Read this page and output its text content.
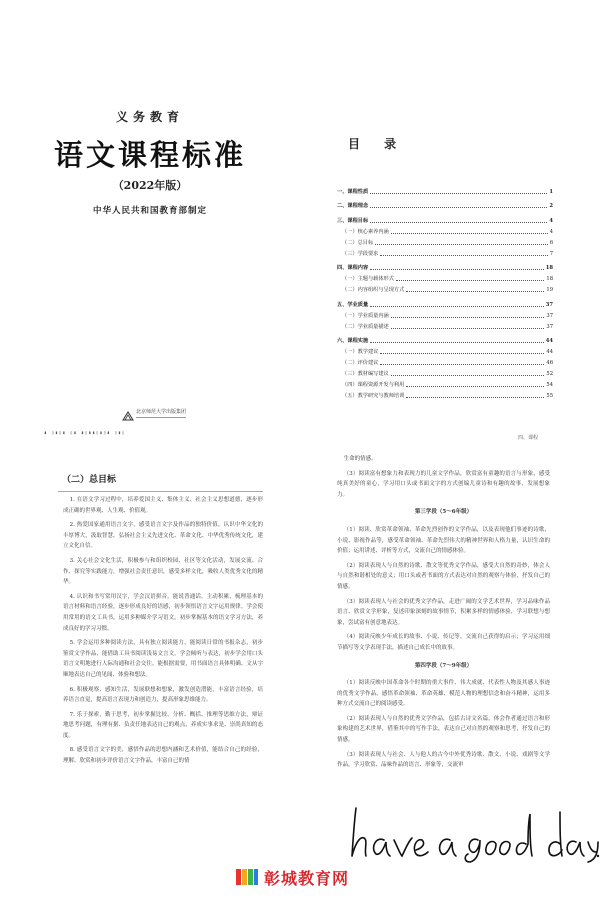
义务教育
语文课程标准
（2022年版）
中华人民共和国教育部制定
北京师范大学出版集团
▮ ▯▮▯▮ ▯▮ ▮▯▮▮▯▮▯▮ ▯▮▯
目 录
一、课程性质	1
二、课程理念	2
三、课程目标	4
（一）核心素养内涵	4
（二）总目标	6
（三）学段要求	7
四、课程内容	18
（一）主题与载体形式	18
（二）内容组织与呈现方式	19
五、学业质量	37
（一）学业质量内涵	37
（二）学业质量描述	37
六、课程实施	44
（一）教学建议	44
（二）评价建议	46
（三）教材编写建议	52
（四）课程资源开发与利用	54
（五）教学研究与教师培训	55
四、课程
（二）总目标

1. 在语文学习过程中，培养爱国主义、集体主义、社会主义思想道德，逐步形成正确的世界观、人生观、价值观。

2. 热爱国家通用语言文字，感受语言文字及作品的独特价值，认识中华文化的丰厚博大，汲取智慧，弘扬社会主义先进文化、革命文化、中华优秀传统文化，建立文化自信。

3. 关心社会文化生活，积极参与和组织校园、社区等文化活动，发展交流、合作、探究等实践能力，增强社会责任意识，感受多样文化，吸收人类优秀文化的精华。

4. 认识和书写常用汉字，学会汉语拼音，能说普通话。主动积累、梳理基本的语言材料和语言经验，逐步形成良好的语感，初步领悟语言文字运用规律。学会使用常用的语文工具书，运用多种媒介学习语文，初步掌握基本的语文学习方法，养成良好的学习习惯。

5. 学会运用多种阅读方法，具有独立阅读能力，能阅读日常的书报杂志，初步鉴赏文学作品，能借助工具书阅读浅易文言文。学会倾听与表达，初步学会用口头语言文明地进行人际沟通和社会交往。能根据需要，用书面语言具体明确、文从字顺地表达自己的见闻、体验和想法。

6. 积极观察、感知生活，发展联想和想象，激发创造潜能，丰富语言经验，培养语言直觉，提高语言表现力和创造力，提高形象思维能力。

7. 乐于探索，勤于思考，初步掌握比较、分析、概括、推理等思维方法，辩证地思考问题，有理有据、负责任地表达自己的观点，养成实事求是、崇尚真知的态度。

8. 感受语言文字的美，感悟作品的思想内涵和艺术价值，能结合自己的经验，理解、欣赏和初步评价语言文字作品，丰富自己的情

生命的情感。

（3）阅读富有想象力和表现力的儿童文学作品，欣赏富有童趣的语言与形象，感受纯真美好的童心，学习用口头或书面文字的方式创编儿童诗和有趣的故事，发展想象力。

第三学段（5～6年级）

（1）阅读、欣赏革命领袖、革命先烈创作的文学作品，以及表现他们事迹的诗歌、小说、影视作品等，感受革命领袖、革命先烈伟大的精神世界和人格力量，认识生命的价值；运用讲述、评析等方式，交流自己的情感体验。

（2）阅读表现人与自然的诗歌、散文等优秀文学作品，感受大自然的奇妙，体会人与自然和谐相处的意义；用口头或者书面的方式表达对自然的观察与体验，抒发自己的情感。

（3）阅读表现人与社会的优秀文学作品，走进广阔的文学艺术世界，学习品味作品语言、欣赏文学形象，复述印象深刻的故事情节，积累多样的情感体验，学习联想与想象，尝试富有创意地表达。

（4）阅读反映少年成长的故事、小说、传记等，交流自己获得的启示；学习运用细节描写等文学表现手法，描述自己成长中的故事。

第四学段（7～9年级）

（1）阅读反映中国革命各个时期的重大事件、伟大成就、代表性人物及其感人事迹的优秀文学作品，感悟革命领袖、革命英雄、模范人物的理想信念和奋斗精神，运用多种方式交流自己的阅读感受。

（2）阅读表现人与自然的优秀文学作品，包括古诗文名篇，体会作者通过语言和形象构建的艺术世界，借鉴其中的写作手法，表达自己对自然的观察和思考，抒发自己的情感。

（3）阅读表现人与社会、人与他人的古今中外优秀诗歌、散文、小说、戏剧等文学作品，学习欣赏、品味作品的语言、形象等，交流审

彰城教育网
